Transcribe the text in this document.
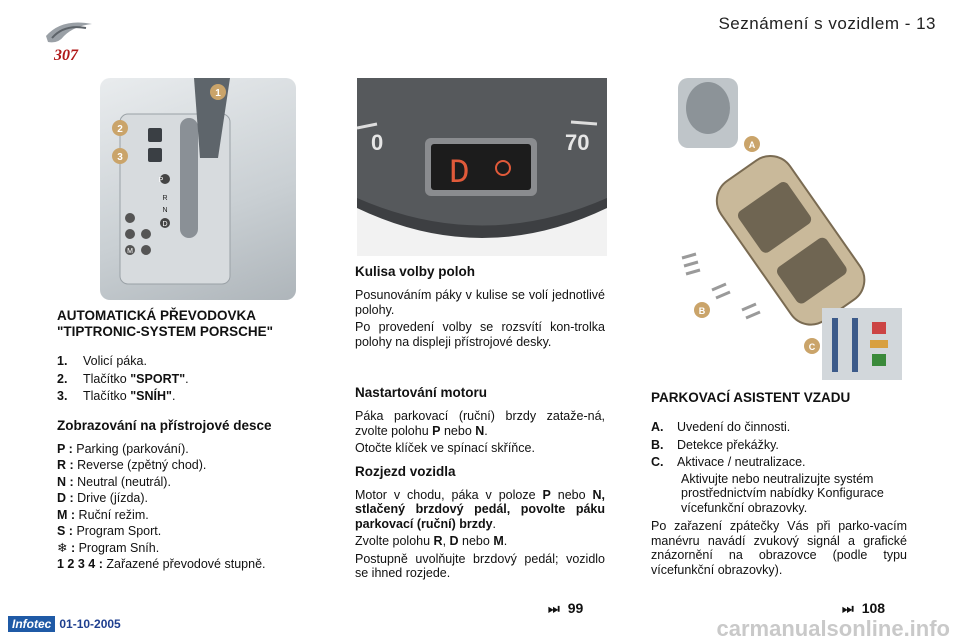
307
Seznámení s vozidlem - 13
1
2
3
P
R
N
D
M
0	70
D
A
B
C
AUTOMATICKÁ PŘEVODOVKA "TIPTRONIC-SYSTEM PORSCHE"
1.	Volicí páka.
2.	Tlačítko "SPORT".
3.	Tlačítko "SNÍH".
Zobrazování na přístrojové desce
P : Parking (parkování).
R : Reverse (zpětný chod).
N : Neutral (neutrál).
D : Drive (jízda).
M : Ruční režim.
S : Program Sport.
❄ : Program Sníh.
1 2 3 4 : Zařazené převodové stupně.
Kulisa volby poloh
Posunováním páky v kulise se volí jednotlivé polohy.
Po provedení volby se rozsvítí kon-trolka polohy na displeji přístrojové desky.
Nastartování motoru
Páka parkovací (ruční) brzdy zataže-ná, zvolte polohu P nebo N.
Otočte klíček ve spínací skříňce.
Rozjezd vozidla
Motor v chodu, páka v poloze P nebo N, stlačený brzdový pedál, povolte páku parkovací (ruční) brzdy.
Zvolte polohu R, D nebo M.
Postupně uvolňujte brzdový pedál; vozidlo se ihned rozjede.
⏭ 99
PARKOVACÍ ASISTENT VZADU
A.	Uvedení do činnosti.
B.	Detekce překážky.
C.	Aktivace / neutralizace.
Aktivujte nebo neutralizujte systém prostřednictvím nabídky Konfigurace vícefunkční obrazovky.
Po zařazení zpátečky Vás při parko-vacím manévru navádí zvukový signál a grafické znázornění na obrazovce (podle typu vícefunkční obrazovky).
⏭ 108
Infotec 01-10-2005	carmanualsonline.info
